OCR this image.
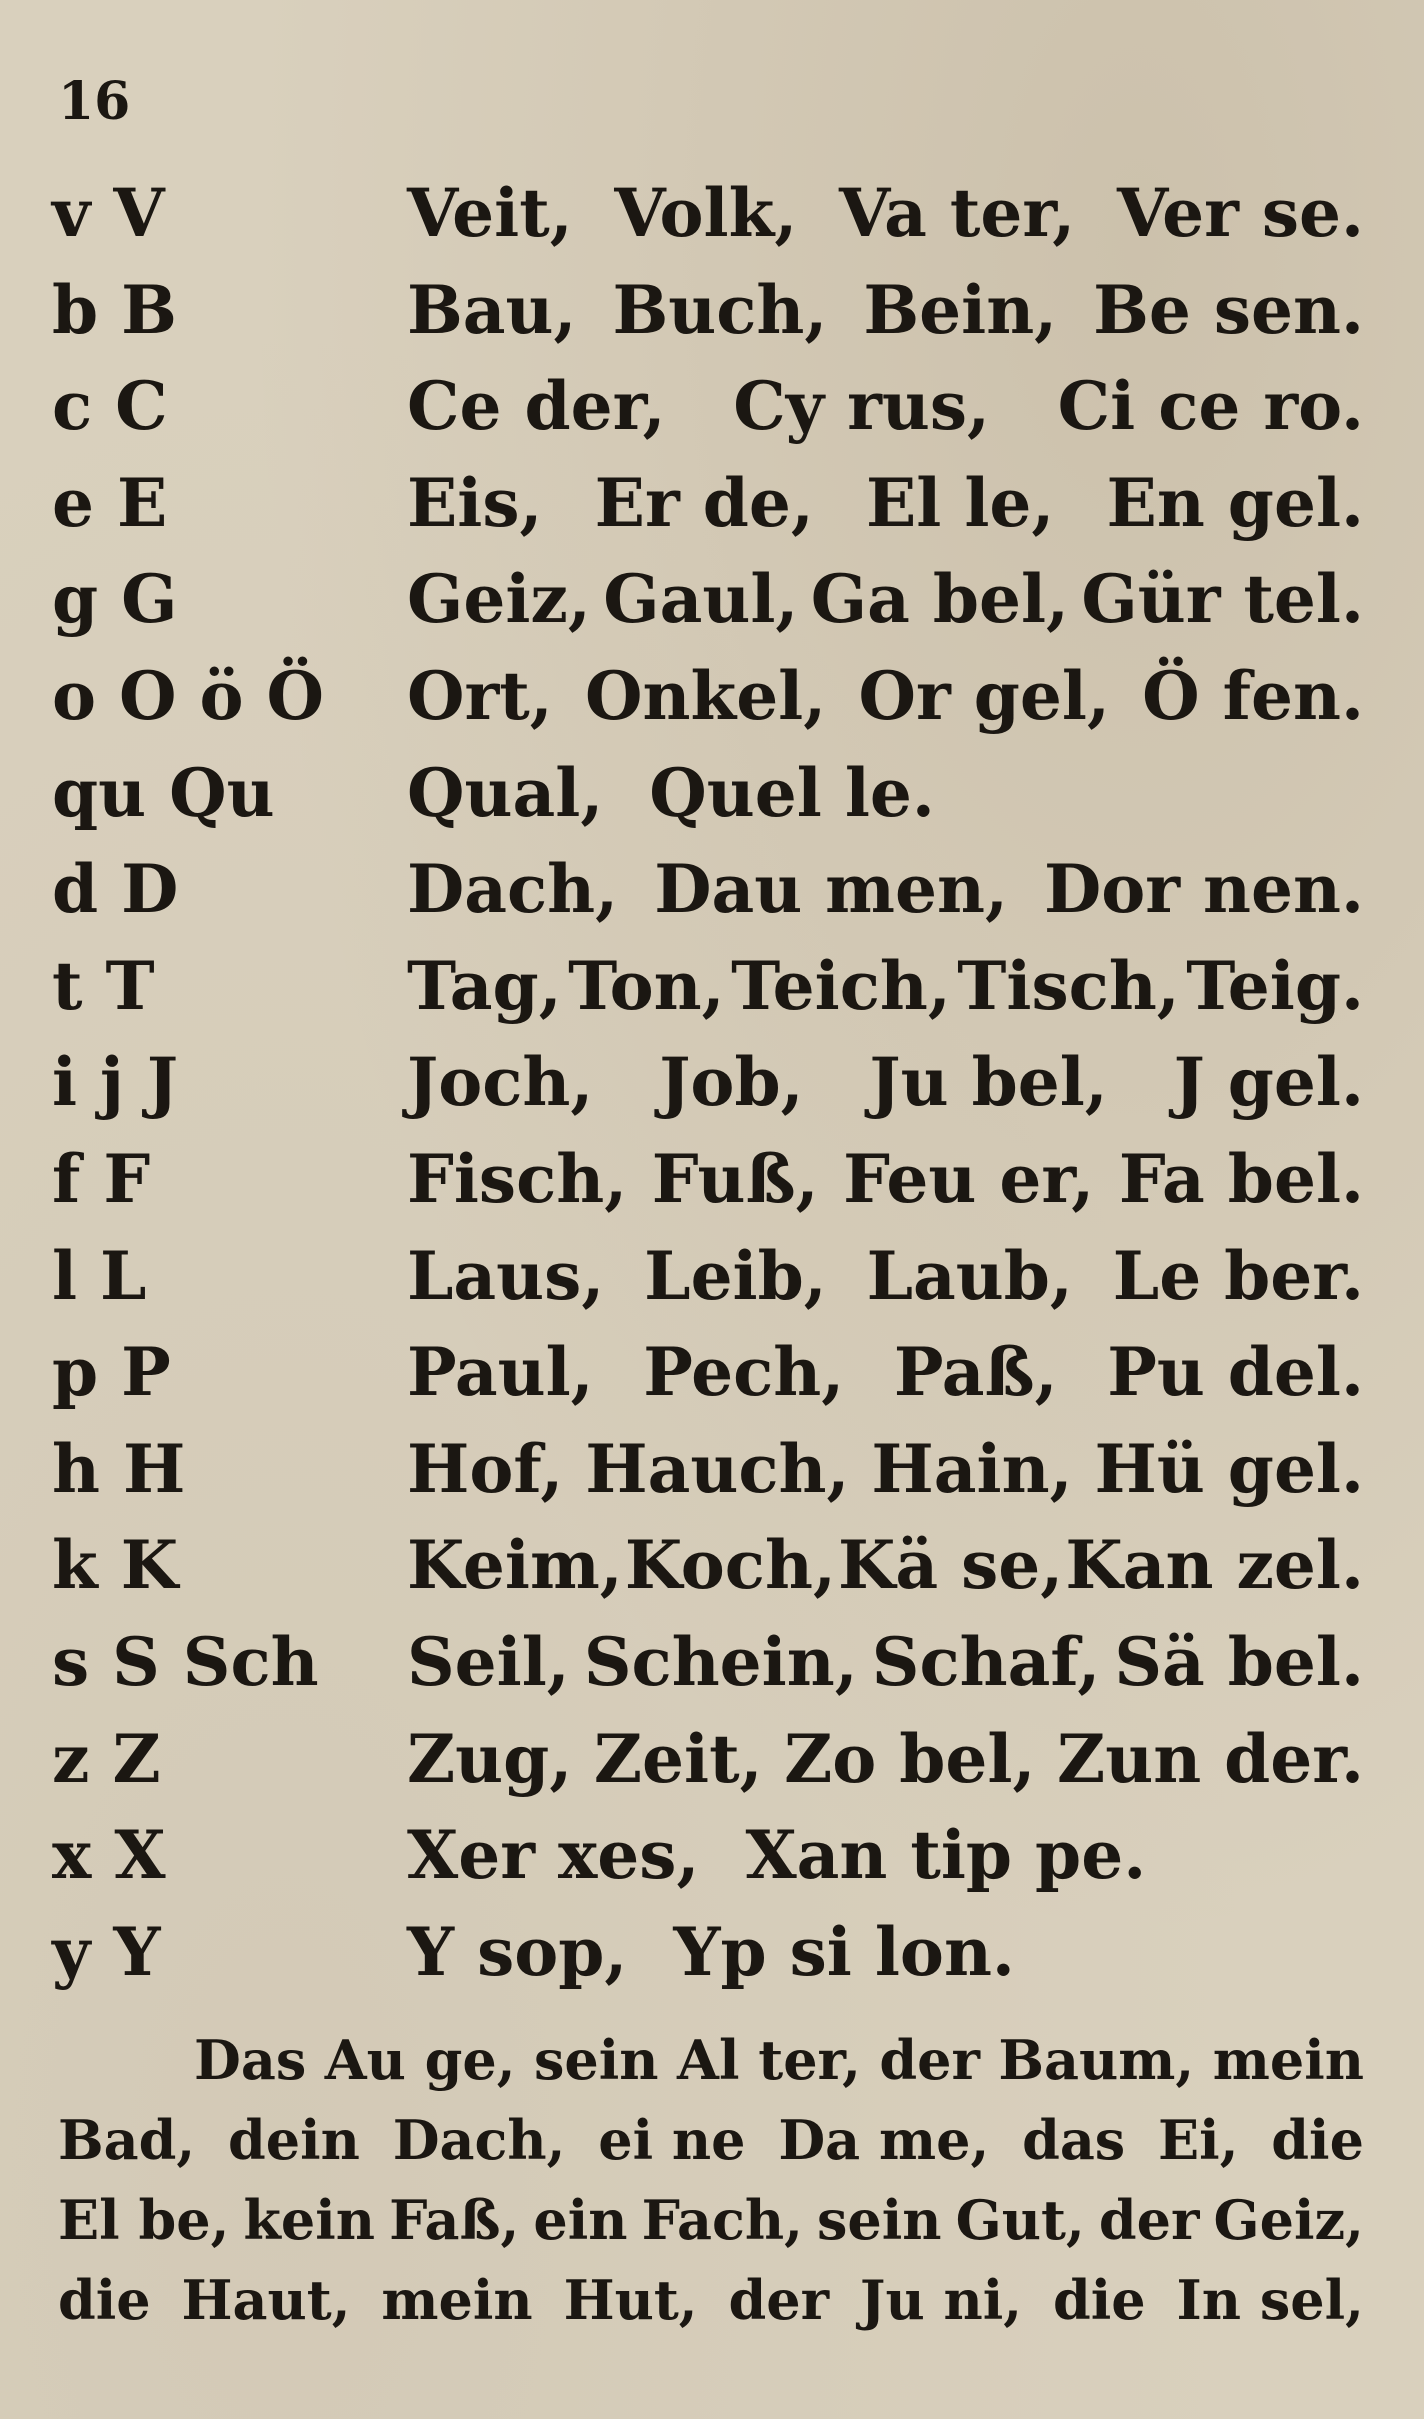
16
v V	Veit, Volk, Va ter, Ver se.
b B	Bau, Buch, Bein, Be sen.
c C	Ce der, Cy rus, Ci ce ro.
e E	Eis, Er de, El le, En gel.
g G	Geiz, Gaul, Ga bel, Gür tel.
o O ö Ö	Ort, Onkel, Or gel, Ö fen.
qu Qu	Qual, Quel le.
d D	Dach, Dau men, Dor nen.
t T	Tag, Ton, Teich, Tisch, Teig.
i j J	Joch, Job, Ju bel, J gel.
f F	Fisch, Fuß, Feu er, Fa bel.
l L	Laus, Leib, Laub, Le ber.
p P	Paul, Pech, Paß, Pu del.
h H	Hof, Hauch, Hain, Hü gel.
k K	Keim, Koch, Kä se, Kan zel.
s S Sch	Seil, Schein, Schaf, Sä bel.
z Z	Zug, Zeit, Zo bel, Zun der.
x X	Xer xes, Xan tip pe.
y Y	Y sop, Yp si lon.
Das Au ge, sein Al ter, der Baum, mein
Bad, dein Dach, ei ne Da me, das Ei, die
El be, kein Faß, ein Fach, sein Gut, der Geiz,
die Haut, mein Hut, der Ju ni, die In sel,
